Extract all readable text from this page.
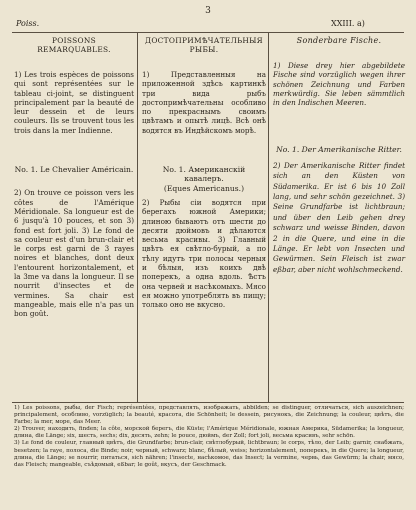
3
Poiss.	XXIII. a)
POISSONS REMARQUABLES.

1) Les trois espèces de poissons qui sont représentées sur le tableau ci-joint, se distinguent principalement par la beauté de leur dessein et de leurs couleurs. Ils se trouvent tous les trois dans la mer Indienne.

No. 1. Le Chevalier Américain.

2) On trouve ce poisson vers les côtes de l'Amérique Méridionale. Sa longueur est de 6 jusqu'à 10 pouces, et son 3) fond est fort joli. 3) Le fond de sa couleur est d'un brun-clair et le corps est garni de 3 rayes noires et blanches, dont deux l'entourent horizontalement, et la 3me va dans la longueur. Il se nourrit d'insectes et de vermines. Sa chair est mangeable, mais elle n'a pas un bon goût.

ДОСТОПРИМѢЧАТЕЛЬНЫЯ РЫБЫ.

1) Представленныя на приложенной здѣсь картинкѣ три вида рыбъ достопримѣчательны особливо по прекраснымъ своимъ цвѣтамъ и опытѣ лицѣ. Всѣ онѣ водятся въ Индѣйскомъ морѣ.

No. 1. Американскій кавалеръ.
(Eques Americanus.)

2) Рыбы сіи водятся при берегахъ южной Америки; длиною бываютъ отъ шести до десяти дюймовъ и дѣлаются весьма красивы. 3) Главный цвѣтъ ея свѣтло-бурый, а по тѣлу идутъ три полосы черныя и бѣлыя, изъ коихъ двѣ поперекъ, а одна вдоль. Ѣстъ она червей и насѣкомыхъ. Мясо ея можно употреблять въ пищу; только оно не вкусно.

Sonderbare Fische.

1) Diese drey hier abgebildete Fische sind vorzüglich wegen ihrer schönen Zeichnung und Farben merkwürdig. Sie leben sämmtlich in den Indischen Meeren.

No. 1. Der Amerikanische Ritter.

2) Der Amerikanische Ritter findet sich an den Küsten von Südamerika. Er ist 6 bis 10 Zoll lang, und sehr schön gezeichnet. 3) Seine Grundfarbe ist lichtbraun; und über den Leib gehen drey schwarz und weisse Binden, davon 2 in die Quere, und eine in die Länge. Er lebt von Insecten und Gewürmen. Sein Fleisch ist zwar eßbar, aber nicht wohlschmeckend.

1) Les poissons, рыбы, der Fisch; représentées, представлять, изображать, abbilden; se distinguer, отличаться, sich auszeichnen; principalement, особливо, vorzüglich; la beauté, красота, die Schönheit; le dessein, рисунокъ, die Zeichnung; la couleur, цвѣтъ, die Farbe; la mer, море, das Meer.

2) Trouver, находить, finden; la côte, морской берегъ, die Küste; l'Amérique Méridionale, южная Америка, Südamerika; la longueur, длина, die Länge; six, шесть, sechs; dix, десять, zehn; le pouce, дюймъ, der Zoll; fort joli, весьма красивъ, sehr schön.

3) Le fond de couleur, главный цвѣтъ, die Grundfarbe; brun-clair, свѣтлобурый, lichtbraun; le corps, тѣло, der Leib; garnir, снабжать, besetzen; la raye, полоса, die Binde; noir, черный, schwarz; blanc, бѣлый, weiss; horizontalement, поперекъ, in die Quere; la longueur, длина, die Länge; se nourrir, питаться, sich nähren; l'insecte, насѣкомое, das Insect; la vermine, червь, das Gewürm; la chair, мясо, das Fleisch; mangeable, съѣдомый, eßbar; le goût, вкусъ, der Geschmack.
